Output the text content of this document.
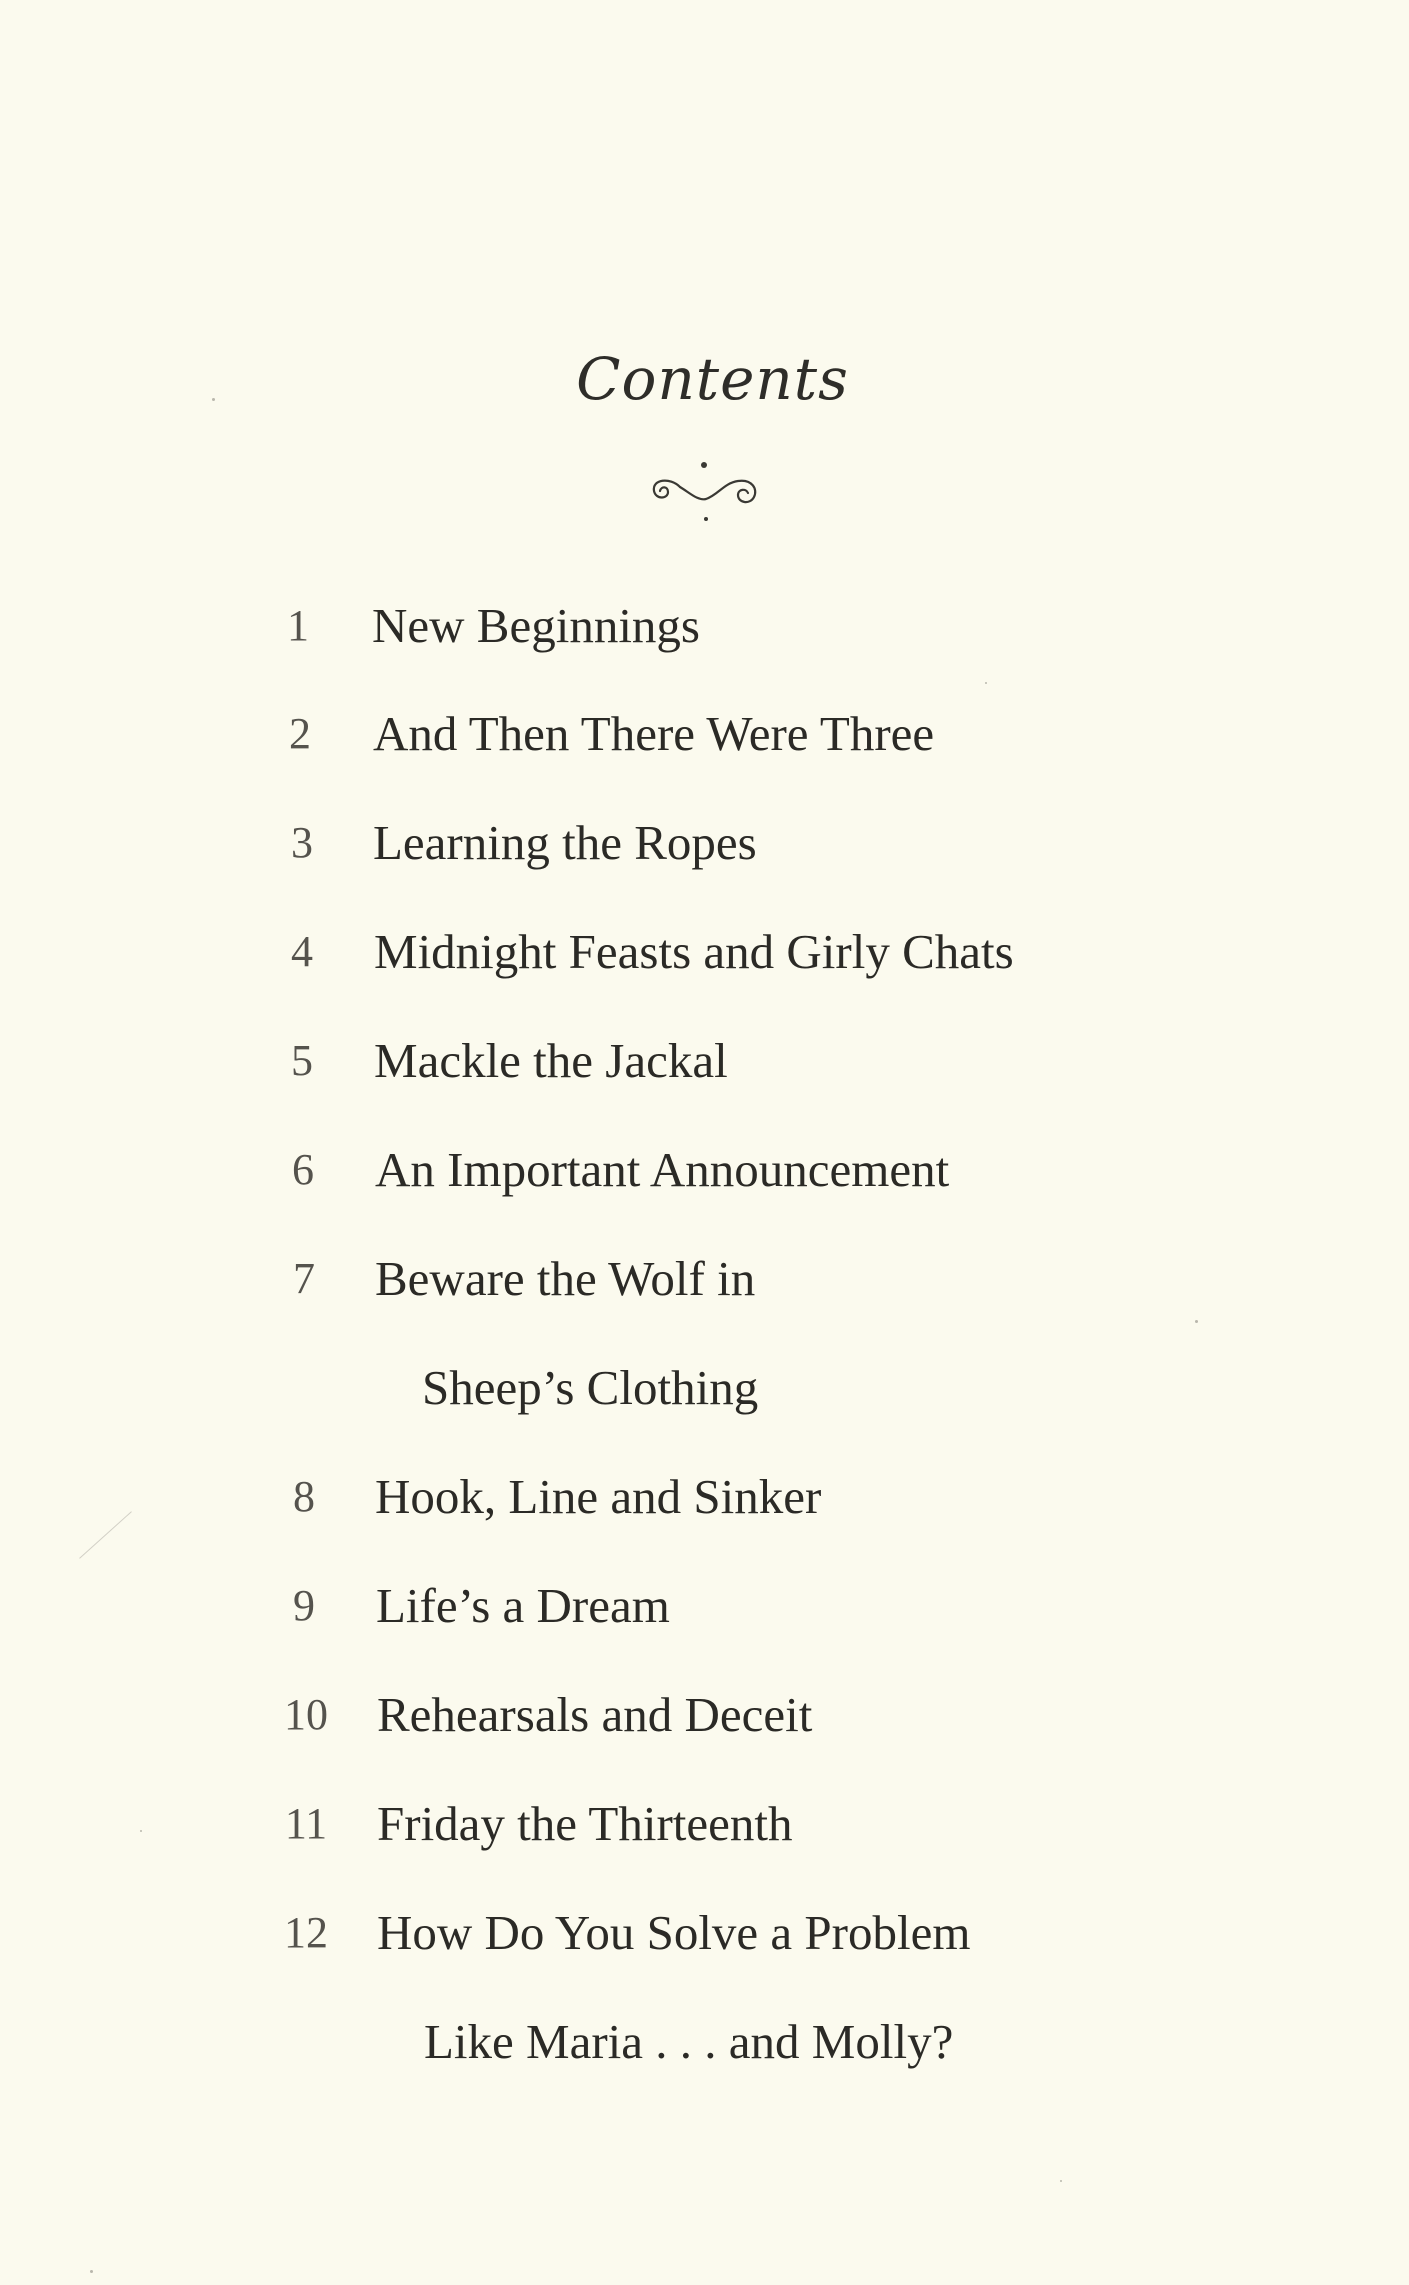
Contents
1	New Beginnings
2	And Then There Were Three
3	Learning the Ropes
4	Midnight Feasts and Girly Chats
5	Mackle the Jackal
6	An Important Announcement
7	Beware the Wolf in
Sheep’s Clothing
8	Hook, Line and Sinker
9	Life’s a Dream
10	Rehearsals and Deceit
11	Friday the Thirteenth
12	How Do You Solve a Problem
Like Maria . . . and Molly?
